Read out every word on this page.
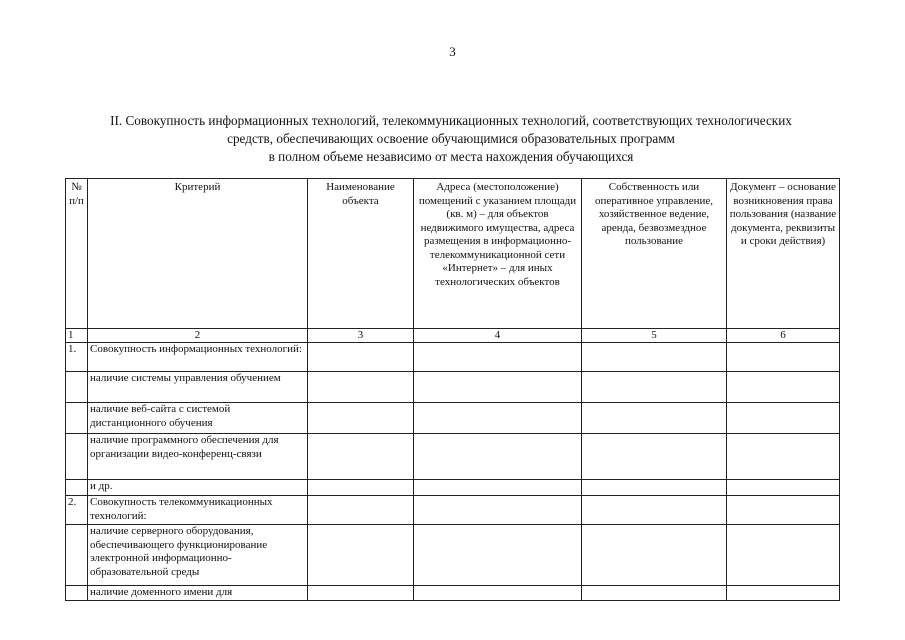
3
II. Совокупность информационных технологий, телекоммуникационных технологий, соответствующих технологических
средств, обеспечивающих освоение обучающимися образовательных программ
в полном объеме независимо от места нахождения обучающихся
№ п/п	Критерий	Наименование объекта	Адреса (местоположение) помещений с указанием площади (кв. м) – для объектов недвижимого имущества, адреса размещения в информационно-телекоммуникационной сети «Интернет» – для иных технологических объектов	Собственность или оперативное управление, хозяйственное ведение, аренда, безвозмездное пользование	Документ – основание возникновения права пользования (название документа, реквизиты и сроки действия)
1	2	3	4	5	6
1.	Совокупность информационных технологий:				
	наличие системы управления обучением				
	наличие веб-сайта с системой дистанционного обучения				
	наличие программного обеспечения для организации видео-конференц-связи				
	и др.				
2.	Совокупность телекоммуникационных технологий:				
	наличие серверного оборудования, обеспечивающего функционирование электронной информационно-образовательной среды				
	наличие доменного имени для				
